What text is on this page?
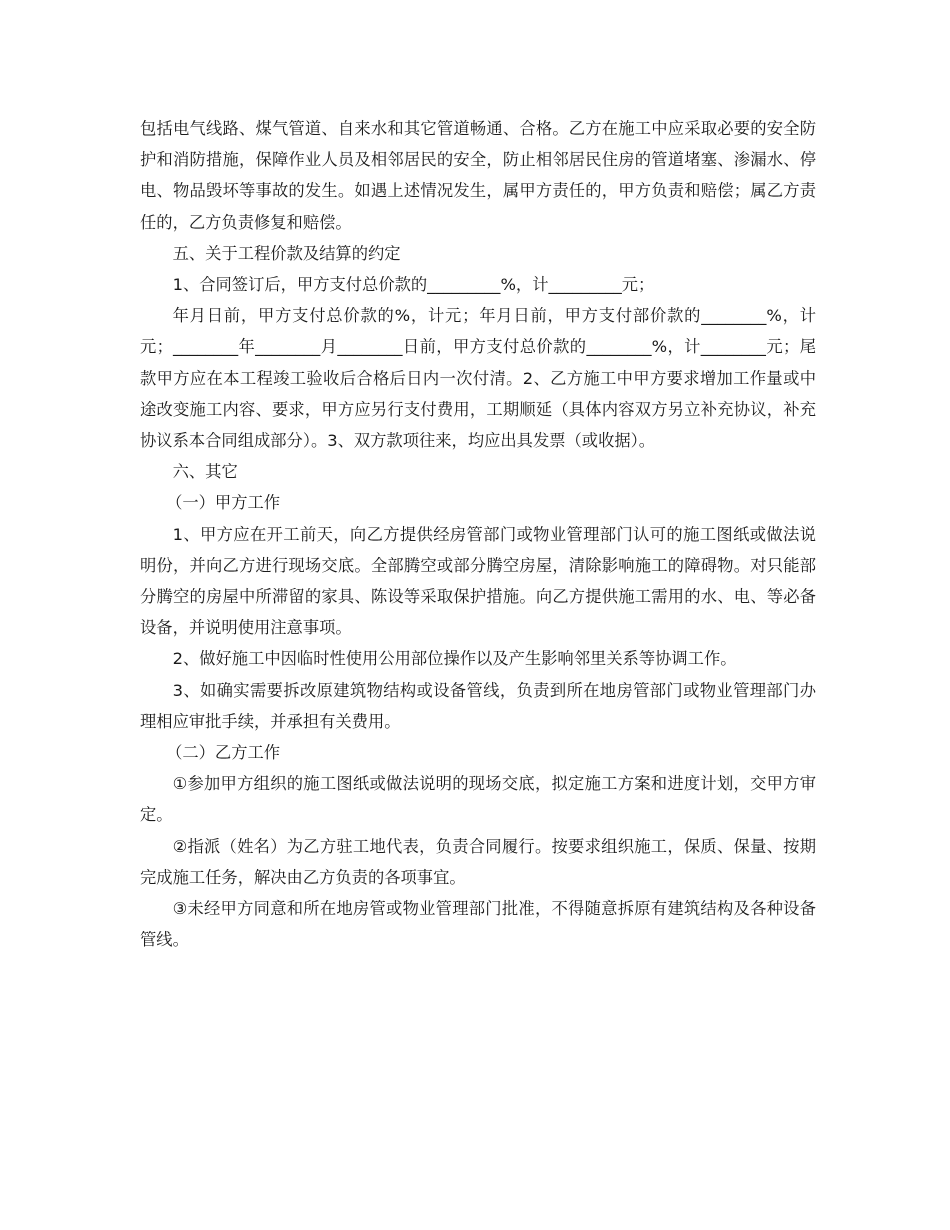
包括电气线路、煤气管道、自来水和其它管道畅通、合格。乙方在施工中应采取必要的安全防护和消防措施，保障作业人员及相邻居民的安全，防止相邻居民住房的管道堵塞、渗漏水、停电、物品毁坏等事故的发生。如遇上述情况发生，属甲方责任的，甲方负责和赔偿；属乙方责任的，乙方负责修复和赔偿。

五、关于工程价款及结算的约定

1、合同签订后，甲方支付总价款的_________%，计_________元；

年月日前，甲方支付总价款的%，计元；年月日前，甲方支付部价款的________%，计元；________年________月________日前，甲方支付总价款的________%，计________元；尾款甲方应在本工程竣工验收后合格后日内一次付清。2、乙方施工中甲方要求增加工作量或中途改变施工内容、要求，甲方应另行支付费用，工期顺延（具体内容双方另立补充协议，补充协议系本合同组成部分）。3、双方款项往来，均应出具发票（或收据）。

六、其它

（一）甲方工作

1、甲方应在开工前天，向乙方提供经房管部门或物业管理部门认可的施工图纸或做法说明份，并向乙方进行现场交底。全部腾空或部分腾空房屋，清除影响施工的障碍物。对只能部分腾空的房屋中所滞留的家具、陈设等采取保护措施。向乙方提供施工需用的水、电、等必备设备，并说明使用注意事项。

2、做好施工中因临时性使用公用部位操作以及产生影响邻里关系等协调工作。

3、如确实需要拆改原建筑物结构或设备管线，负责到所在地房管部门或物业管理部门办理相应审批手续，并承担有关费用。

（二）乙方工作

①参加甲方组织的施工图纸或做法说明的现场交底，拟定施工方案和进度计划，交甲方审定。

②指派（姓名）为乙方驻工地代表，负责合同履行。按要求组织施工，保质、保量、按期完成施工任务，解决由乙方负责的各项事宜。

③未经甲方同意和所在地房管或物业管理部门批准，不得随意拆原有建筑结构及各种设备管线。
